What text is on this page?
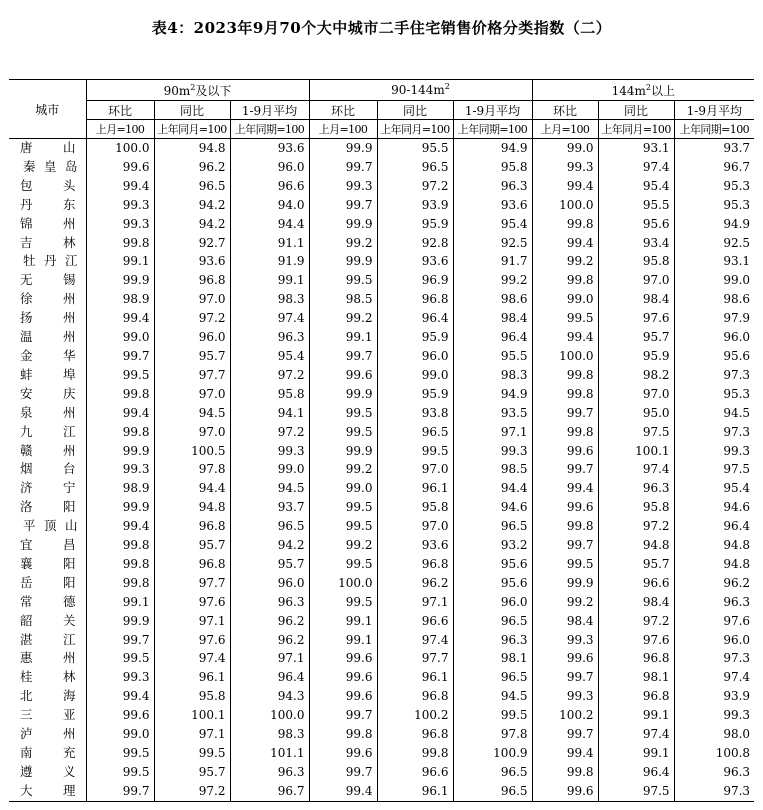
表4：2023年9月70个大中城市二手住宅销售价格分类指数（二）
城市	$90m^2$及以下			$90-144m^2$			$144m^2$以上		
	环比	同比	1-9月平均	环比	同比	1-9月平均	环比	同比	1-9月平均
	上月=100	上年同月=100	上年同期=100	上月=100	上年同月=100	上年同期=100	上月=100	上年同月=100	上年同期=100
唐山	100.0	94.8	93.6	99.9	95.5	94.9	99.0	93.1	93.7
秦皇岛	99.6	96.2	96.0	99.7	96.5	95.8	99.3	97.4	96.7
包头	99.4	96.5	96.6	99.3	97.2	96.3	99.4	95.4	95.3
丹东	99.3	94.2	94.0	99.7	93.9	93.6	100.0	95.5	95.3
锦州	99.3	94.2	94.4	99.9	95.9	95.4	99.8	95.6	94.9
吉林	99.8	92.7	91.1	99.2	92.8	92.5	99.4	93.4	92.5
牡丹江	99.1	93.6	91.9	99.9	93.6	91.7	99.2	95.8	93.1
无锡	99.9	96.8	99.1	99.5	96.9	99.2	99.8	97.0	99.0
徐州	98.9	97.0	98.3	98.5	96.8	98.6	99.0	98.4	98.6
扬州	99.4	97.2	97.4	99.2	96.4	98.4	99.5	97.6	97.9
温州	99.0	96.0	96.3	99.1	95.9	96.4	99.4	95.7	96.0
金华	99.7	95.7	95.4	99.7	96.0	95.5	100.0	95.9	95.6
蚌埠	99.5	97.7	97.2	99.6	99.0	98.3	99.8	98.2	97.3
安庆	99.8	97.0	95.8	99.9	95.9	94.9	99.8	97.0	95.3
泉州	99.4	94.5	94.1	99.5	93.8	93.5	99.7	95.0	94.5
九江	99.8	97.0	97.2	99.5	96.5	97.1	99.8	97.5	97.3
赣州	99.9	100.5	99.3	99.9	99.5	99.3	99.6	100.1	99.3
烟台	99.3	97.8	99.0	99.2	97.0	98.5	99.7	97.4	97.5
济宁	98.9	94.4	94.5	99.0	96.1	94.4	99.4	96.3	95.4
洛阳	99.9	94.8	93.7	99.5	95.8	94.6	99.6	95.8	94.6
平顶山	99.4	96.8	96.5	99.5	97.0	96.5	99.8	97.2	96.4
宜昌	99.8	95.7	94.2	99.2	93.6	93.2	99.7	94.8	94.8
襄阳	99.8	96.8	95.7	99.5	96.8	95.6	99.5	95.7	94.8
岳阳	99.8	97.7	96.0	100.0	96.2	95.6	99.9	96.6	96.2
常德	99.1	97.6	96.3	99.5	97.1	96.0	99.2	98.4	96.3
韶关	99.9	97.1	96.2	99.1	96.6	96.5	98.4	97.2	97.6
湛江	99.7	97.6	96.2	99.1	97.4	96.3	99.3	97.6	96.0
惠州	99.5	97.4	97.1	99.6	97.7	98.1	99.6	96.8	97.3
桂林	99.3	96.1	96.4	99.6	96.1	96.5	99.7	98.1	97.4
北海	99.4	95.8	94.3	99.6	96.8	94.5	99.3	96.8	93.9
三亚	99.6	100.1	100.0	99.7	100.2	99.5	100.2	99.1	99.3
泸州	99.0	97.1	98.3	99.8	96.8	97.8	99.7	97.4	98.0
南充	99.5	99.5	101.1	99.6	99.8	100.9	99.4	99.1	100.8
遵义	99.5	95.7	96.3	99.7	96.6	96.5	99.8	96.4	96.3
大理	99.7	97.2	96.7	99.4	96.1	96.5	99.6	97.5	97.3
